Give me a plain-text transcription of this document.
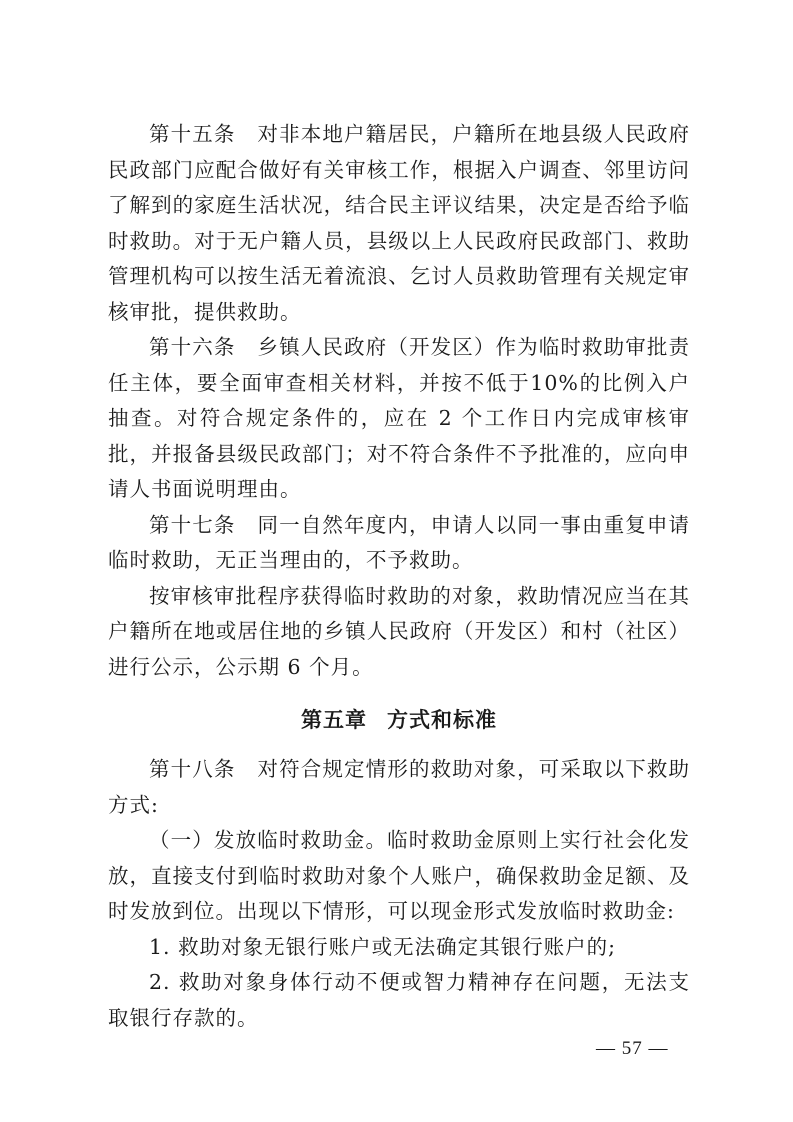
第十五条 对非本地户籍居民，户籍所在地县级人民政府民政部门应配合做好有关审核工作，根据入户调查、邻里访问了解到的家庭生活状况，结合民主评议结果，决定是否给予临时救助。对于无户籍人员，县级以上人民政府民政部门、救助管理机构可以按生活无着流浪、乞讨人员救助管理有关规定审核审批，提供救助。

第十六条 乡镇人民政府（开发区）作为临时救助审批责任主体，要全面审查相关材料，并按不低于10%的比例入户抽查。对符合规定条件的，应在 2 个工作日内完成审核审批，并报备县级民政部门；对不符合条件不予批准的，应向申请人书面说明理由。

第十七条 同一自然年度内，申请人以同一事由重复申请临时救助，无正当理由的，不予救助。

按审核审批程序获得临时救助的对象，救助情况应当在其户籍所在地或居住地的乡镇人民政府（开发区）和村（社区）进行公示，公示期 6 个月。

第五章 方式和标准

第十八条 对符合规定情形的救助对象，可采取以下救助方式:

（一）发放临时救助金。临时救助金原则上实行社会化发放，直接支付到临时救助对象个人账户，确保救助金足额、及时发放到位。出现以下情形，可以现金形式发放临时救助金:

1. 救助对象无银行账户或无法确定其银行账户的;

2. 救助对象身体行动不便或智力精神存在问题，无法支取银行存款的。

— 57 —
